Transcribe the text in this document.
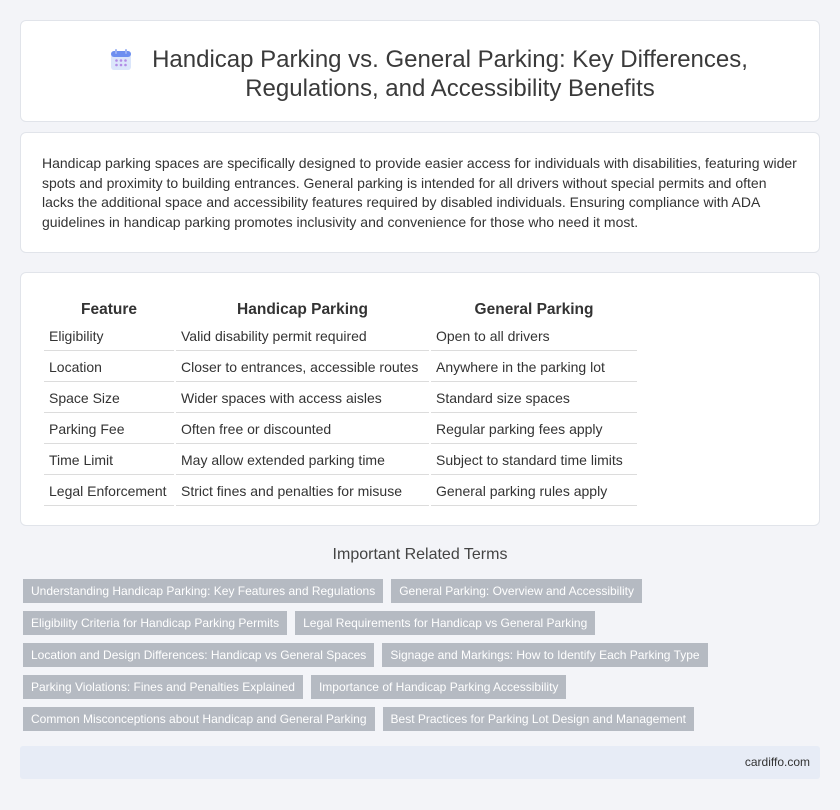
Handicap Parking vs. General Parking: Key Differences, Regulations, and Accessibility Benefits

Handicap parking spaces are specifically designed to provide easier access for individuals with disabilities, featuring wider spots and proximity to building entrances. General parking is intended for all drivers without special permits and often lacks the additional space and accessibility features required by disabled individuals. Ensuring compliance with ADA guidelines in handicap parking promotes inclusivity and convenience for those who need it most.

Feature	Handicap Parking	General Parking
Eligibility	Valid disability permit required	Open to all drivers
Location	Closer to entrances, accessible routes	Anywhere in the parking lot
Space Size	Wider spaces with access aisles	Standard size spaces
Parking Fee	Often free or discounted	Regular parking fees apply
Time Limit	May allow extended parking time	Subject to standard time limits
Legal Enforcement	Strict fines and penalties for misuse	General parking rules apply
Important Related Terms
Understanding Handicap Parking: Key Features and Regulations	General Parking: Overview and Accessibility
Eligibility Criteria for Handicap Parking Permits	Legal Requirements for Handicap vs General Parking
Location and Design Differences: Handicap vs General Spaces	Signage and Markings: How to Identify Each Parking Type
Parking Violations: Fines and Penalties Explained	Importance of Handicap Parking Accessibility
Common Misconceptions about Handicap and General Parking	Best Practices for Parking Lot Design and Management
cardiffo.com
